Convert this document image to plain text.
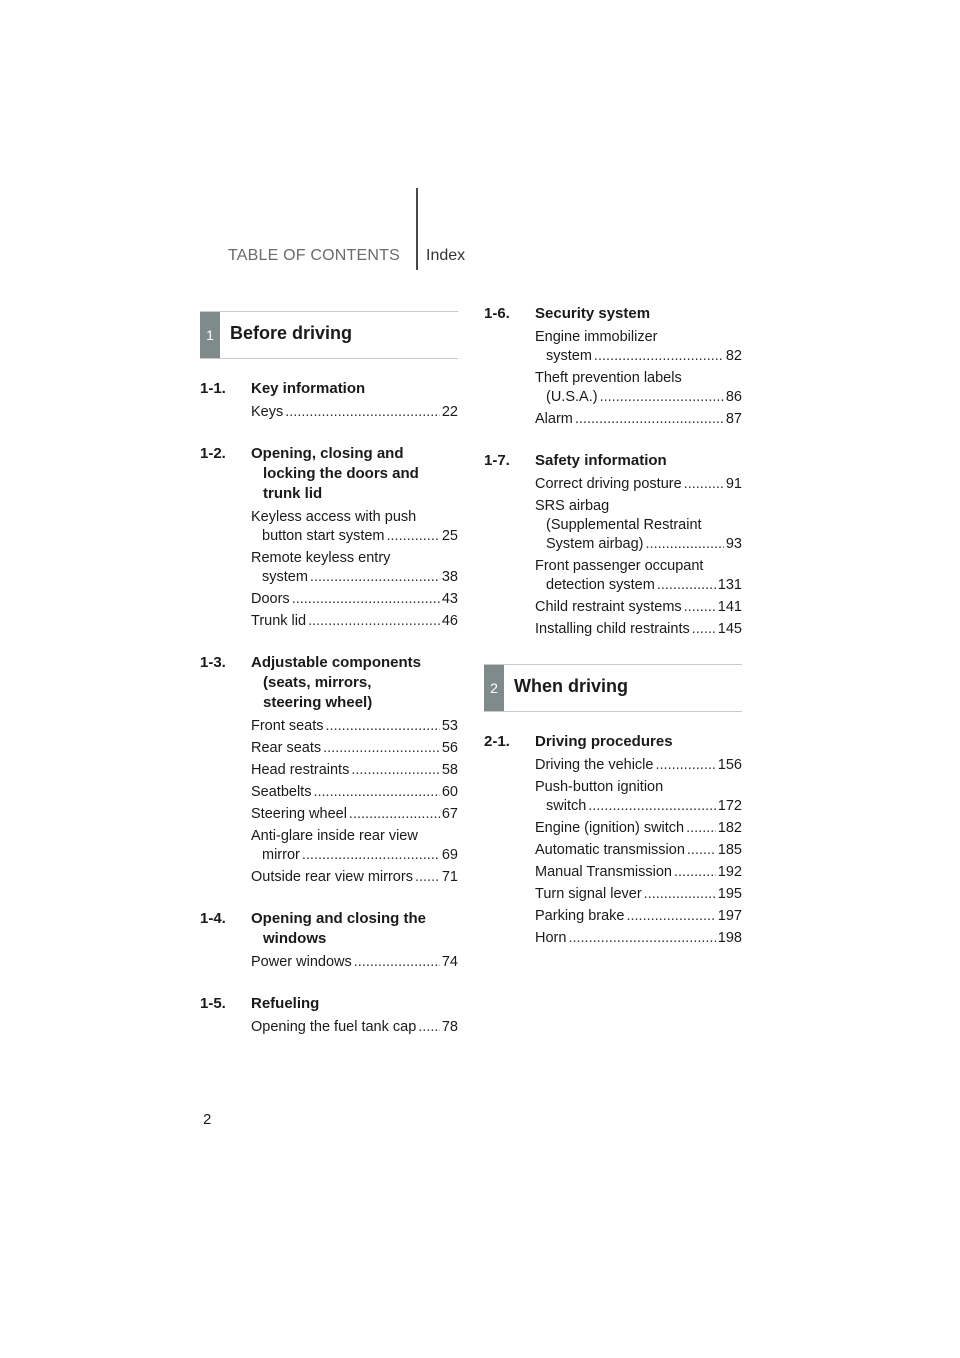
TABLE OF CONTENTS Index
1 Before driving
1-1.	Key information
Keys .....	22
1-2.	Opening, closing and
locking the doors and
trunk lid
Keyless access with push
button start system .....	25
Remote keyless entry
system .....	38
Doors .....	43
Trunk lid .....	46
1-3.	Adjustable components
(seats, mirrors,
steering wheel)
Front seats .....	53
Rear seats .....	56
Head restraints .....	58
Seatbelts .....	60
Steering wheel .....	67
Anti-glare inside rear view
mirror .....	69
Outside rear view mirrors ..... 71
1-4.	Opening and closing the
windows
Power windows .....	74
1-5.	Refueling
Opening the fuel tank cap ..... 78
1-6.	Security system
Engine immobilizer
system .....	82
Theft prevention labels
(U.S.A.) .....	86
Alarm .....	87
1-7.	Safety information
Correct driving posture .....	91
SRS airbag
(Supplemental Restraint
System airbag) .....	93
Front passenger occupant
detection system .....	131
Child restraint systems ..... 141
Installing child restraints ..... 145
2 When driving
2-1.	Driving procedures
Driving the vehicle .....	156
Push-button ignition
switch .....	172
Engine (ignition) switch ..... 182
Automatic transmission ..... 185
Manual Transmission .....	192
Turn signal lever .....	195
Parking brake .....	197
Horn .....	198
2
